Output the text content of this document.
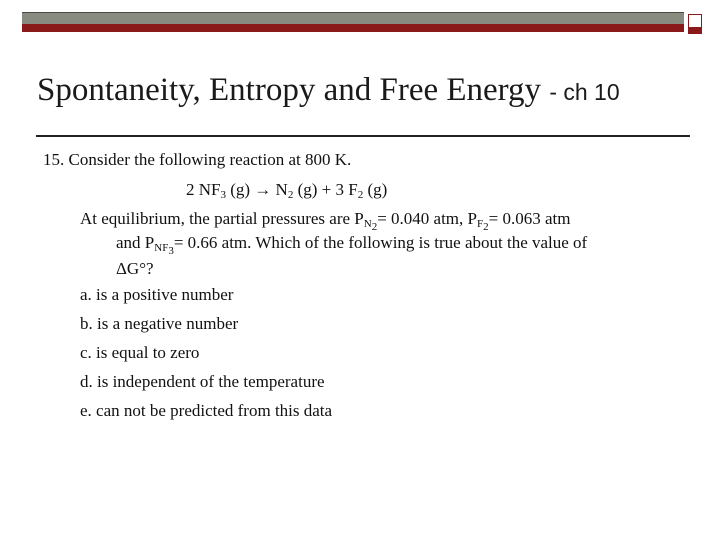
Spontaneity, Entropy and Free Energy - ch 10
15. Consider the following reaction at 800 K.
2 $NF_3$ $(g) \to N_2$ (g) + 3 $F_2$ (g)
At equilibrium, the partial pressures are $P_{N_2}= 0.040$ atm, $P_{F_2}= 0.063$ atm
and $P_{NF_3}= 0.66$ atm. Which of the following is true about the value of
ΔG°?
a. is a positive number
b. is a negative number
c. is equal to zero
d. is independent of the temperature
e. can not be predicted from this data
